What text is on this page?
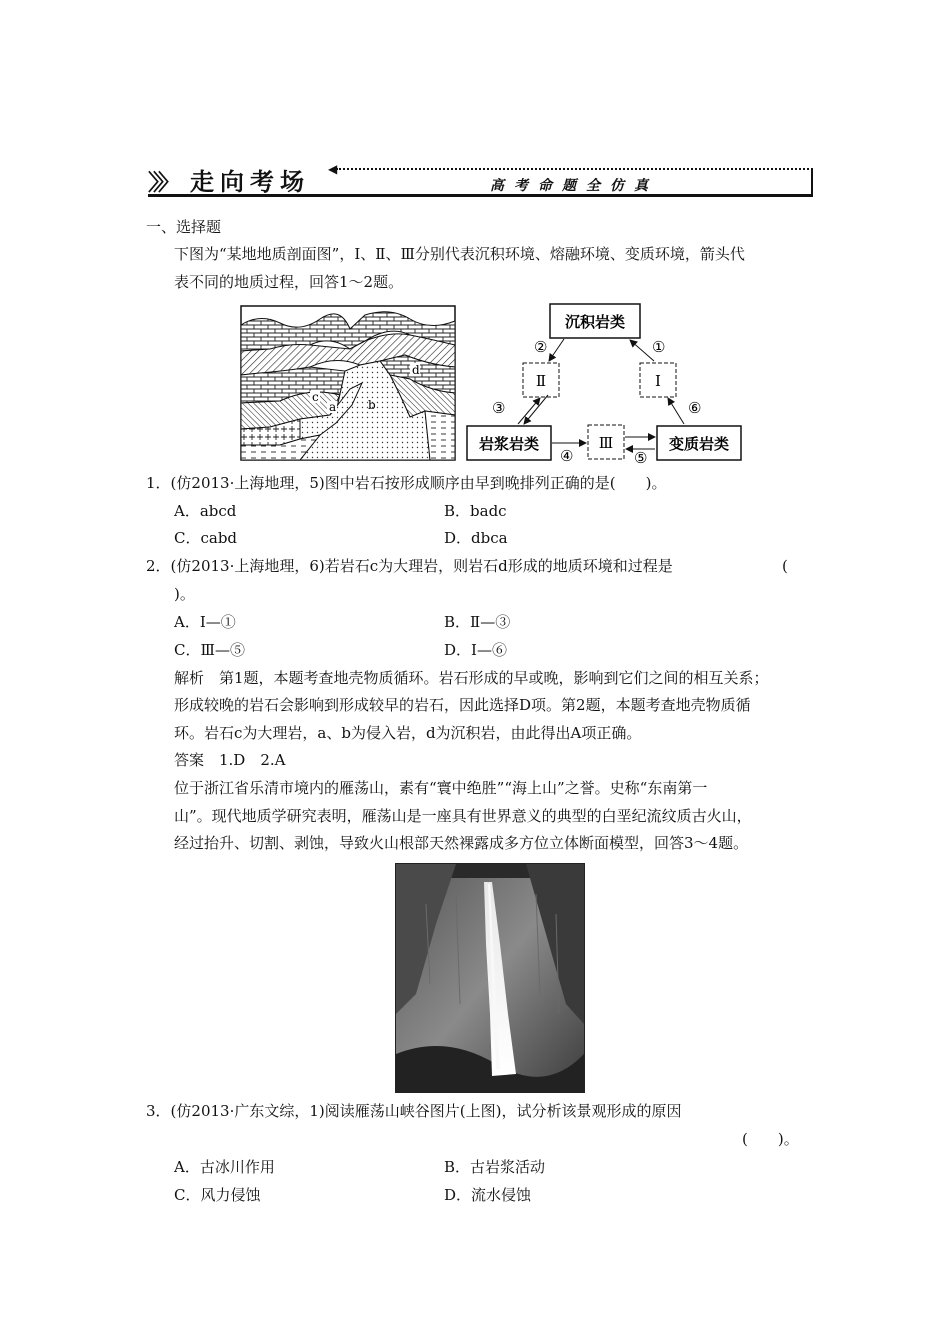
〉〉〉 走向考场 ◀
高考命题全仿真
一、选择题
下图为“某地地质剖面图”，Ⅰ、Ⅱ、Ⅲ分别代表沉积环境、熔融环境、变质环境，箭头代
表不同的地质过程，回答1～2题。
a	b
c
d
沉积岩类
岩浆岩类	变质岩类
Ⅱ	Ⅰ
Ⅲ
②	①
③	⑥
④	⑤
1．(仿2013·上海地理，5)图中岩石按形成顺序由早到晚排列正确的是(　　)。
A．abcd	B．badc
C．cabd	D．dbca
2．(仿2013·上海地理，6)若岩石c为大理岩，则岩石d形成的地质环境和过程是	(
)。
A．Ⅰ—①	B．Ⅱ—③
C．Ⅲ—⑤	D．Ⅰ—⑥
解析　第1题，本题考查地壳物质循环。岩石形成的早或晚，影响到它们之间的相互关系；
形成较晚的岩石会影响到形成较早的岩石，因此选择D项。第2题，本题考查地壳物质循
环。岩石c为大理岩，a、b为侵入岩，d为沉积岩，由此得出A项正确。
答案　1.D　2.A
位于浙江省乐清市境内的雁荡山，素有“寰中绝胜”“海上山”之誉。史称“东南第一
山”。现代地质学研究表明，雁荡山是一座具有世界意义的典型的白垩纪流纹质古火山，
经过抬升、切割、剥蚀，导致火山根部天然裸露成多方位立体断面模型，回答3～4题。
3．(仿2013·广东文综，1)阅读雁荡山峡谷图片(上图)，试分析该景观形成的原因
(　　)。
A．古冰川作用	B．古岩浆活动
C．风力侵蚀	D．流水侵蚀
